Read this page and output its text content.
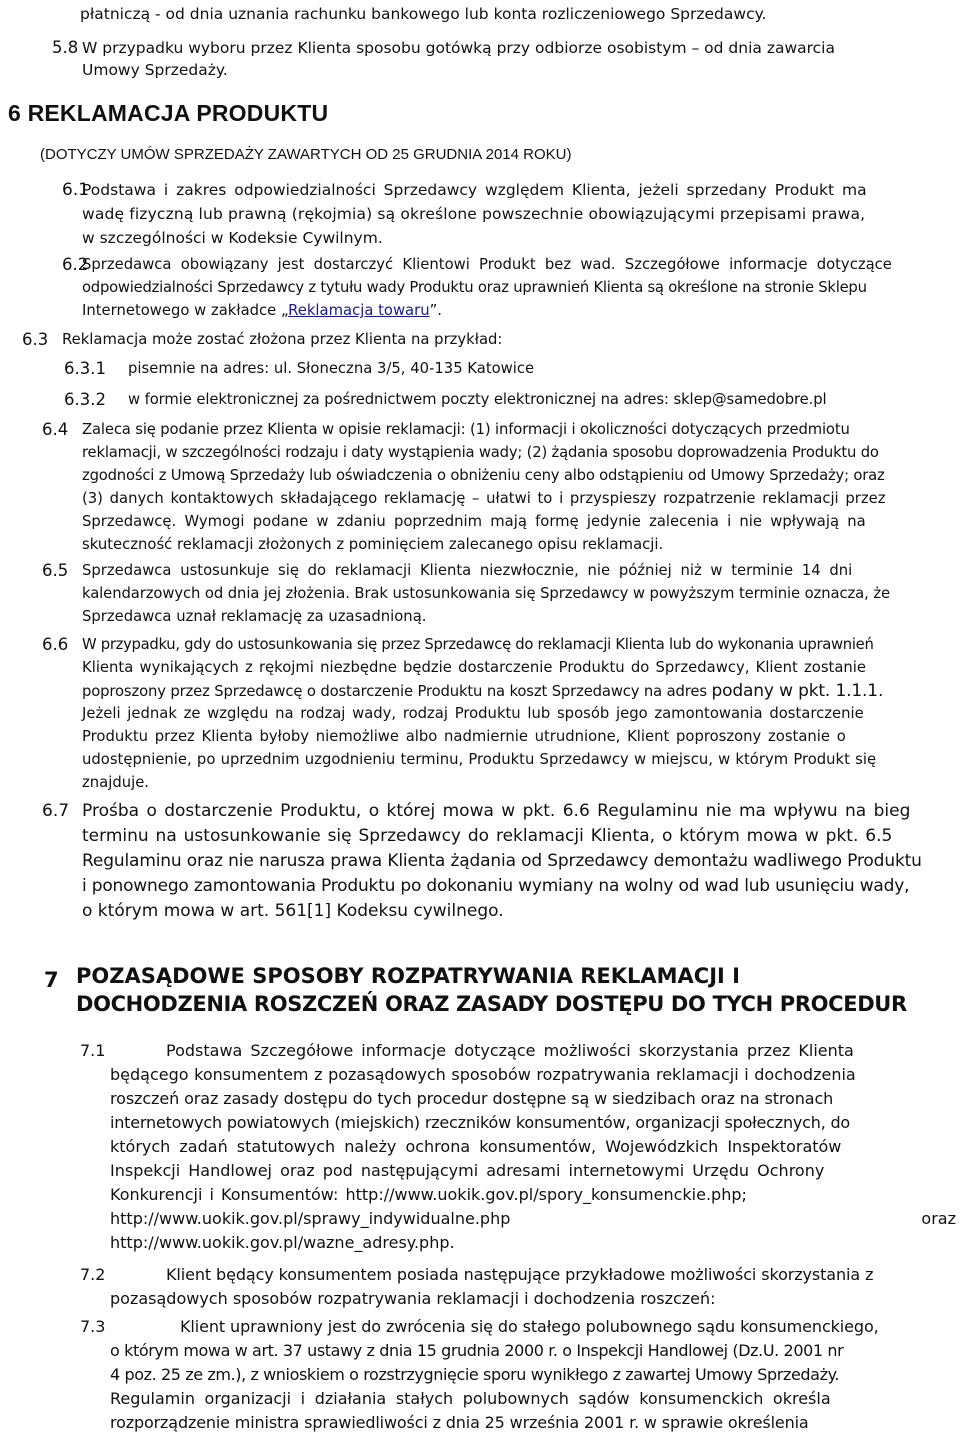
płatniczą - od dnia uznania rachunku bankowego lub konta rozliczeniowego Sprzedawcy.
5.8 W przypadku wyboru przez Klienta sposobu gotówką przy odbiorze osobistym – od dnia zawarcia
Umowy Sprzedaży.
6 REKLAMACJA PRODUKTU
(DOTYCZY UMÓW SPRZEDAŻY ZAWARTYCH OD 25 GRUDNIA 2014 ROKU)
6.1
Podstawa i zakres odpowiedzialności Sprzedawcy względem Klienta, jeżeli sprzedany Produkt ma
wadę fizyczną lub prawną (rękojmia) są określone powszechnie obowiązującymi przepisami prawa,
w szczególności w Kodeksie Cywilnym.
6.2
Sprzedawca obowiązany jest dostarczyć Klientowi Produkt bez wad. Szczegółowe informacje dotyczące
odpowiedzialności Sprzedawcy z tytułu wady Produktu oraz uprawnień Klienta są określone na stronie Sklepu
Internetowego w zakładce „Reklamacja towaru”.
6.3 Reklamacja może zostać złożona przez Klienta na przykład:
6.3.1 pisemnie na adres: ul. Słoneczna 3/5, 40-135 Katowice
6.3.2 w formie elektronicznej za pośrednictwem poczty elektronicznej na adres: sklep@samedobre.pl
6.4 Zaleca się podanie przez Klienta w opisie reklamacji: (1) informacji i okoliczności dotyczących przedmiotu
reklamacji, w szczególności rodzaju i daty wystąpienia wady; (2) żądania sposobu doprowadzenia Produktu do
zgodności z Umową Sprzedaży lub oświadczenia o obniżeniu ceny albo odstąpieniu od Umowy Sprzedaży; oraz
(3) danych kontaktowych składającego reklamację – ułatwi to i przyspieszy rozpatrzenie reklamacji przez
Sprzedawcę. Wymogi podane w zdaniu poprzednim mają formę jedynie zalecenia i nie wpływają na
skuteczność reklamacji złożonych z pominięciem zalecanego opisu reklamacji.
6.5 Sprzedawca ustosunkuje się do reklamacji Klienta niezwłocznie, nie później niż w terminie 14 dni
kalendarzowych od dnia jej złożenia. Brak ustosunkowania się Sprzedawcy w powyższym terminie oznacza, że
Sprzedawca uznał reklamację za uzasadnioną.
6.6 W przypadku, gdy do ustosunkowania się przez Sprzedawcę do reklamacji Klienta lub do wykonania uprawnień
Klienta wynikających z rękojmi niezbędne będzie dostarczenie Produktu do Sprzedawcy, Klient zostanie
poproszony przez Sprzedawcę o dostarczenie Produktu na koszt Sprzedawcy na adres podany w pkt. 1.1.1.
Jeżeli jednak ze względu na rodzaj wady, rodzaj Produktu lub sposób jego zamontowania dostarczenie
Produktu przez Klienta byłoby niemożliwe albo nadmiernie utrudnione, Klient poproszony zostanie o
udostępnienie, po uprzednim uzgodnieniu terminu, Produktu Sprzedawcy w miejscu, w którym Produkt się
znajduje.
6.7 Prośba o dostarczenie Produktu, o której mowa w pkt. 6.6 Regulaminu nie ma wpływu na bieg
terminu na ustosunkowanie się Sprzedawcy do reklamacji Klienta, o którym mowa w pkt. 6.5
Regulaminu oraz nie narusza prawa Klienta żądania od Sprzedawcy demontażu wadliwego Produktu
i ponownego zamontowania Produktu po dokonaniu wymiany na wolny od wad lub usunięciu wady,
o którym mowa w art. 561[1] Kodeksu cywilnego.
7 POZASĄDOWE SPOSOBY ROZPATRYWANIA REKLAMACJI I
DOCHODZENIA ROSZCZEŃ ORAZ ZASADY DOSTĘPU DO TYCH PROCEDUR
7.1	Podstawa Szczegółowe informacje dotyczące możliwości skorzystania przez Klienta
będącego konsumentem z pozasądowych sposobów rozpatrywania reklamacji i dochodzenia
roszczeń oraz zasady dostępu do tych procedur dostępne są w siedzibach oraz na stronach
internetowych powiatowych (miejskich) rzeczników konsumentów, organizacji społecznych, do
których zadań statutowych należy ochrona konsumentów, Wojewódzkich Inspektoratów
Inspekcji Handlowej oraz pod następującymi adresami internetowymi Urzędu Ochrony
Konkurencji i Konsumentów: http://www.uokik.gov.pl/spory_konsumenckie.php;
http://www.uokik.gov.pl/sprawy_indywidualne.php	oraz
http://www.uokik.gov.pl/wazne_adresy.php.
7.2	Klient będący konsumentem posiada następujące przykładowe możliwości skorzystania z
pozasądowych sposobów rozpatrywania reklamacji i dochodzenia roszczeń:
7.3	Klient uprawniony jest do zwrócenia się do stałego polubownego sądu konsumenckiego,
o którym mowa w art. 37 ustawy z dnia 15 grudnia 2000 r. o Inspekcji Handlowej (Dz.U. 2001 nr
4 poz. 25 ze zm.), z wnioskiem o rozstrzygnięcie sporu wynikłego z zawartej Umowy Sprzedaży.
Regulamin organizacji i działania stałych polubownych sądów konsumenckich określa
rozporządzenie ministra sprawiedliwości z dnia 25 września 2001 r. w sprawie określenia
